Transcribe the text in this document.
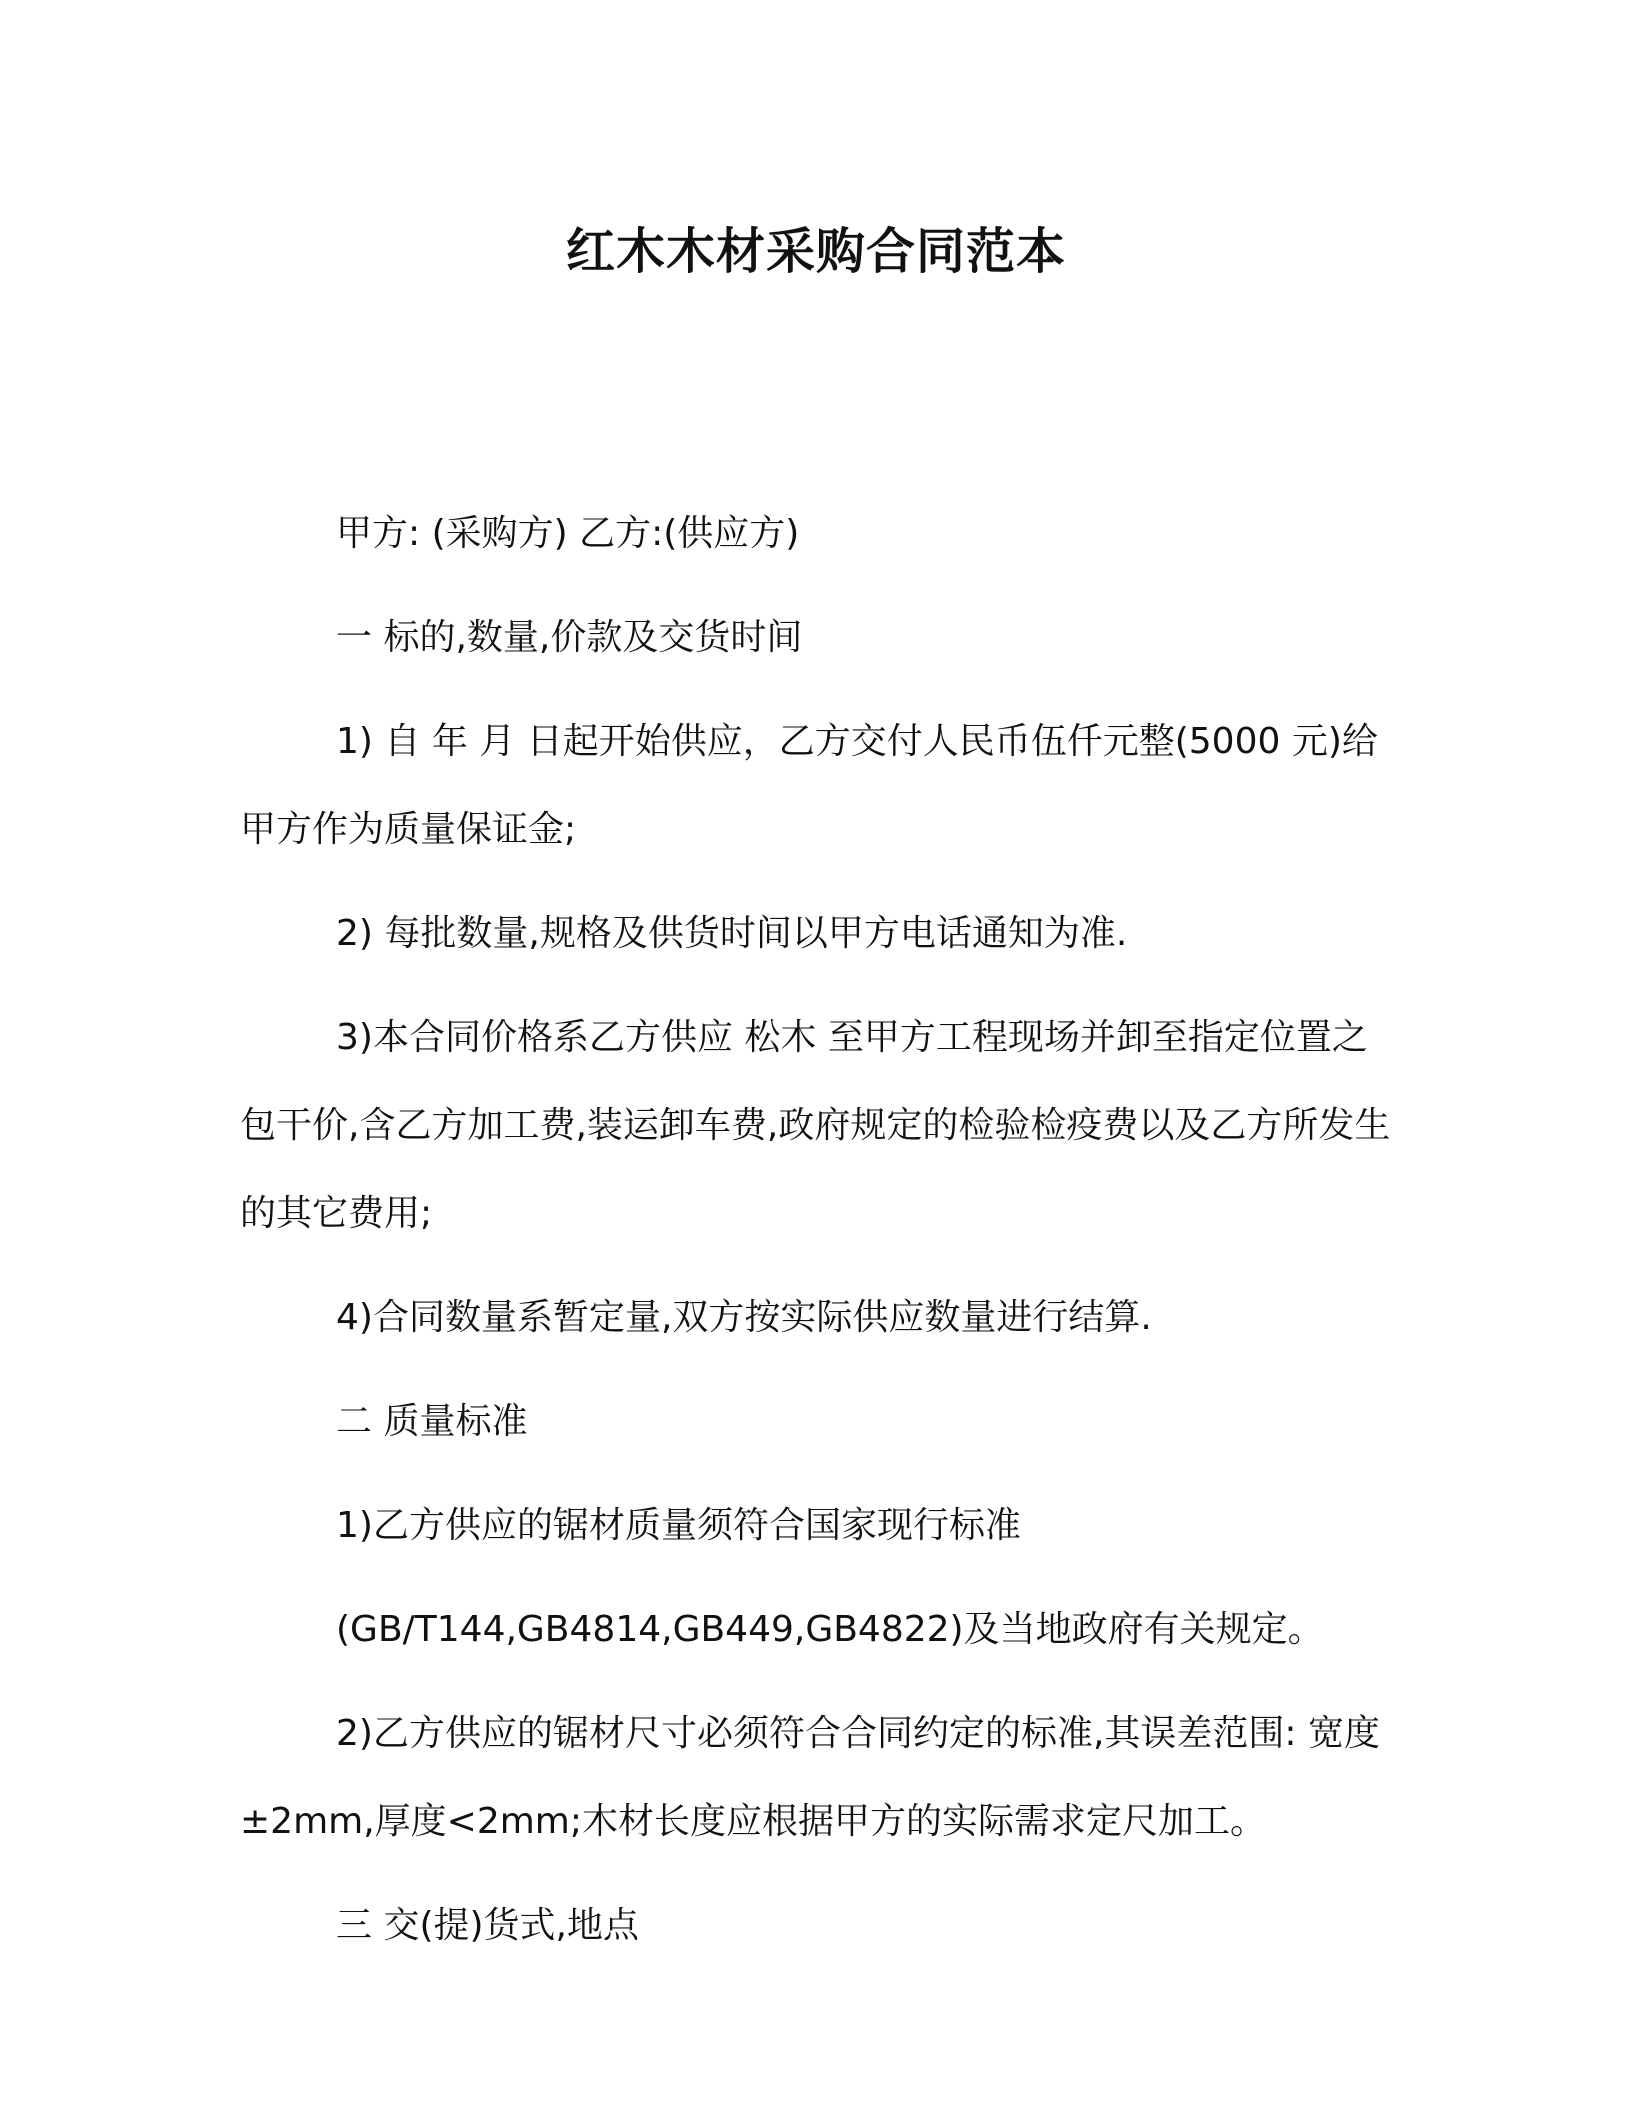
红木木材采购合同范本

甲方: (采购方) 乙方:(供应方)

一 标的,数量,价款及交货时间

1) 自 年 月 日起开始供应，乙方交付人民币伍仟元整(5000 元)给甲方作为质量保证金;

2) 每批数量,规格及供货时间以甲方电话通知为准.

3)本合同价格系乙方供应 松木 至甲方工程现场并卸至指定位置之包干价,含乙方加工费,装运卸车费,政府规定的检验检疫费以及乙方所发生的其它费用;

4)合同数量系暂定量,双方按实际供应数量进行结算.

二 质量标准

1)乙方供应的锯材质量须符合国家现行标准

(GB/T144,GB4814,GB449,GB4822)及当地政府有关规定。

2)乙方供应的锯材尺寸必须符合合同约定的标准,其误差范围: 宽度±2mm,厚度<2mm;木材长度应根据甲方的实际需求定尺加工。

三 交(提)货式,地点
